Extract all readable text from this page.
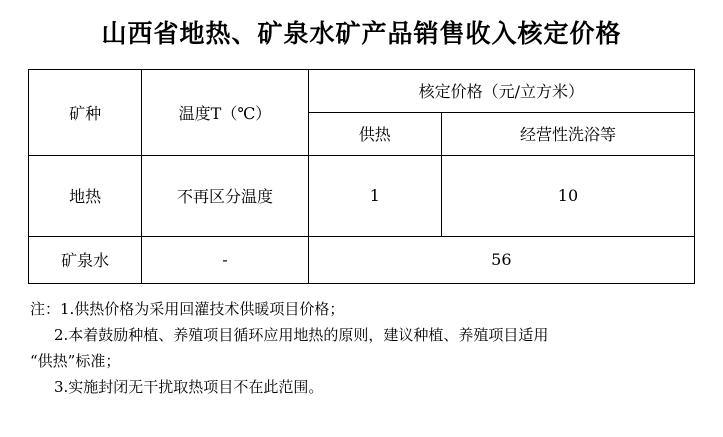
山西省地热、矿泉水矿产品销售收入核定价格
矿种	温度T（℃）	核定价格（元/立方米）	
		供热	经营性洗浴等
地热	不再区分温度	1	10
矿泉水	-	56	
注：1.供热价格为采用回灌技术供暖项目价格；
2.本着鼓励种植、养殖项目循环应用地热的原则，建议种植、养殖项目适用
“供热”标准；
3.实施封闭无干扰取热项目不在此范围。
